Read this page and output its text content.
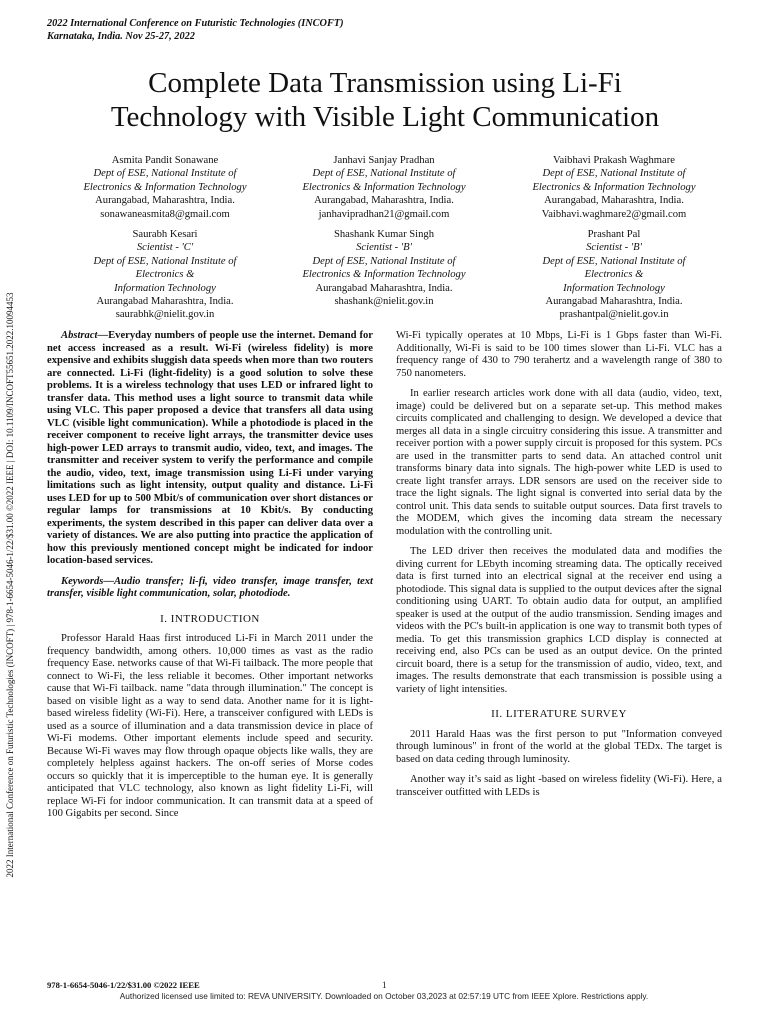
2022 International Conference on Futuristic Technologies (INCOFT)
Karnataka, India. Nov 25-27, 2022
2022 International Conference on Futuristic Technologies (INCOFT) | 978-1-6654-5046-1/22/$31.00 ©2022 IEEE | DOI: 10.1109/INCOFT55651.2022.10094453
Complete Data Transmission using Li-Fi
Technology with Visible Light Communication
Asmita Pandit Sonawane
Dept of ESE, National Institute of
Electronics & Information Technology
Aurangabad, Maharashtra, India.
sonawaneasmita8@gmail.com
Janhavi Sanjay Pradhan
Dept of ESE, National Institute of
Electronics & Information Technology
Aurangabad, Maharashtra, India.
janhavipradhan21@gmail.com
Vaibhavi Prakash Waghmare
Dept of ESE, National Institute of
Electronics & Information Technology
Aurangabad, Maharashtra, India.
Vaibhavi.waghmare2@gmail.com
Saurabh Kesari
Scientist - 'C'
Dept of ESE, National Institute of
Electronics &
Information Technology
Aurangabad Maharashtra, India.
saurabhk@nielit.gov.in
Shashank Kumar Singh
Scientist - 'B'
Dept of ESE, National Institute of
Electronics & Information Technology
Aurangabad Maharashtra, India.
shashank@nielit.gov.in
Prashant Pal
Scientist - 'B'
Dept of ESE, National Institute of
Electronics &
Information Technology
Aurangabad Maharashtra, India.
prashantpal@nielit.gov.in

Abstract—Everyday numbers of people use the internet. Demand for net access increased as a result. Wi-Fi (wireless fidelity) is more expensive and exhibits sluggish data speeds when more than two routers are connected. Li-Fi (light-fidelity) is a good solution to solve these problems. It is a wireless technology that uses LED or infrared light to transfer data. This method uses a light source to transmit data while using VLC. This paper proposed a device that transfers all data using VLC (visible light communication). While a photodiode is placed in the receiver component to receive light arrays, the transmitter device uses high-power LED arrays to transmit audio, video, text, and images. The transmitter and receiver system to verify the performance and compile the audio, video, text, image transmission using Li-Fi under varying limitations such as light intensity, output quality and distance. Li-Fi uses LED for up to 500 Mbit/s of communication over short distances or regular lamps for transmissions at 10 Kbit/s. By conducting experiments, the system described in this paper can deliver data over a variety of distances. We are also putting into practice the application of how this previously mentioned concept might be indicated for indoor location-based services.

Keywords—Audio transfer; li-fi, video transfer, image transfer, text transfer, visible light communication, solar, photodiode.

I. INTRODUCTION

Professor Harald Haas first introduced Li-Fi in March 2011 under the frequency bandwidth, among others. 10,000 times as vast as the radio frequency Ease. networks cause of that Wi-Fi tailback. The more people that connect to Wi-Fi, the less reliable it becomes. Other important networks cause that Wi-Fi tailback. name "data through illumination." The concept is based on visible light as a way to send data. Another name for it is light-based wireless fidelity (Wi-Fi). Here, a transceiver configured with LEDs is used as a source of illumination and a data transmission device in place of Wi-Fi modems. Other important elements include speed and security. Because Wi-Fi waves may flow through opaque objects like walls, they are completely helpless against hackers. The on-off series of Morse codes occurs so quickly that it is imperceptible to the human eye. It is generally anticipated that VLC technology, also known as light fidelity Li-Fi, will replace Wi-Fi for indoor communication. It can transmit data at a speed of 100 Gigabits per second. Since

Wi-Fi typically operates at 10 Mbps, Li-Fi is 1 Gbps faster than Wi-Fi. Additionally, Wi-Fi is said to be 100 times slower than Li-Fi. VLC has a frequency range of 430 to 790 terahertz and a wavelength range of 380 to 750 nanometers.

In earlier research articles work done with all data (audio, video, text, image) could be delivered but on a separate set-up. This method makes circuits complicated and challenging to design. We developed a device that merges all data in a single circuitry considering this issue. A transmitter and receiver portion with a power supply circuit is proposed for this system. PCs are used in the transmitter parts to send data. An attached control unit transforms binary data into signals. The high-power white LED is used to create light transfer arrays. LDR sensors are used on the receiver side to trace the light signals. The light signal is converted into serial data by the control unit. This data sends to suitable output sources. Data first travels to the MODEM, which gives the incoming data stream the necessary modulation with the controlling unit.

The LED driver then receives the modulated data and modifies the diving current for LEbyth incoming streaming data. The optically received data is first turned into an electrical signal at the receiver end using a photodiode. This signal data is supplied to the output devices after the signal conditioning using UART. To obtain audio data for output, an amplified speaker is used at the output of the audio transmission. Sending images and videos with the PC's built-in application is one way to transmit both types of media. To get this transmission graphics LCD display is connected at receiving end, also PCs can be used as an output device. On the printed circuit board, there is a setup for the transmission of audio, video, text, and images. The results demonstrate that each transmission is possible using a variety of light intensities.

II. LITERATURE SURVEY

2011 Harald Haas was the first person to put "Information conveyed through luminous" in front of the world at the global TEDx. The target is based on data ceding through luminosity.

Another way it’s said as light -based on wireless fidelity (Wi-Fi). Here, a transceiver outfitted with LEDs is

978-1-6654-5046-1/22/$31.00 ©2022 IEEE	1
Authorized licensed use limited to: REVA UNIVERSITY. Downloaded on October 03,2023 at 02:57:19 UTC from IEEE Xplore. Restrictions apply.
